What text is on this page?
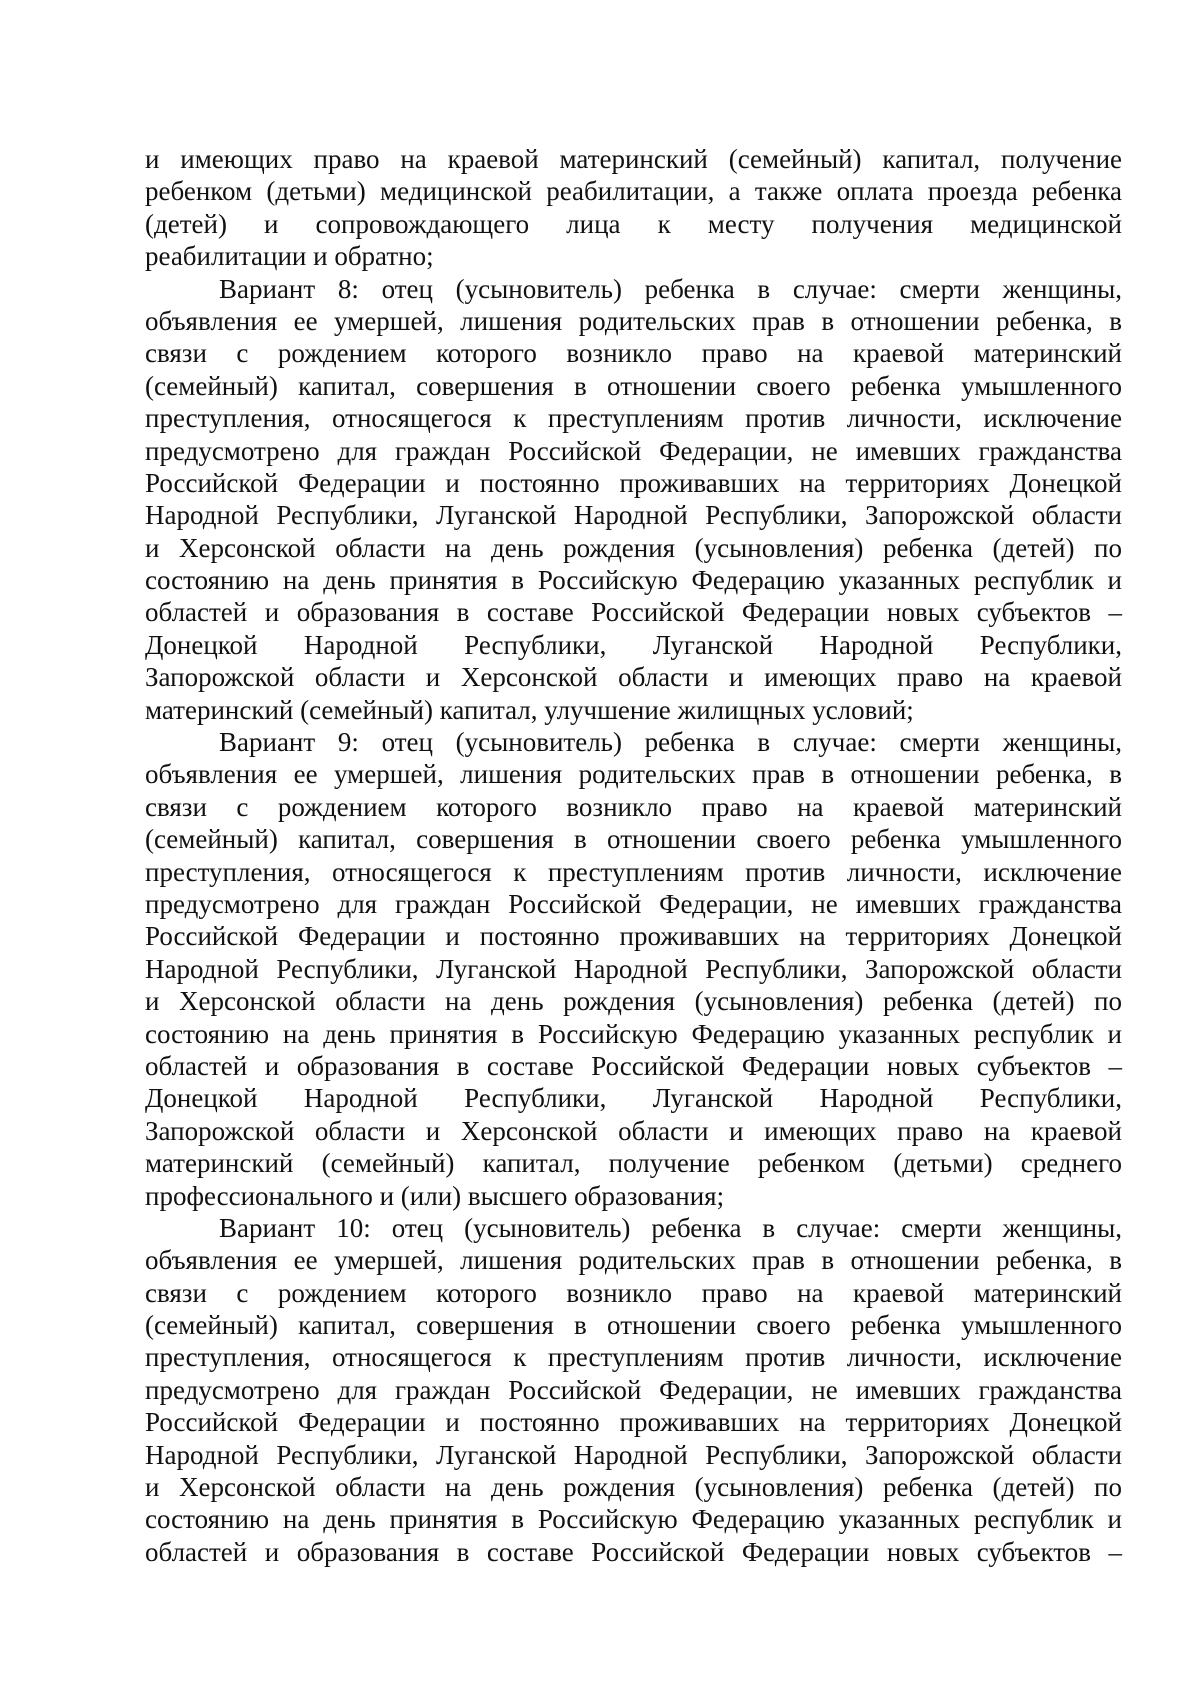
и имеющих право на краевой материнский (семейный) капитал, получение
ребенком (детьми) медицинской реабилитации, а также оплата проезда ребенка
(детей) и сопровождающего лица к месту получения медицинской
реабилитации и обратно;
Вариант 8: отец (усыновитель) ребенка в случае: смерти женщины,
объявления ее умершей, лишения родительских прав в отношении ребенка, в
связи с рождением которого возникло право на краевой материнский
(семейный) капитал, совершения в отношении своего ребенка умышленного
преступления, относящегося к преступлениям против личности, исключение
предусмотрено для граждан Российской Федерации, не имевших гражданства
Российской Федерации и постоянно проживавших на территориях Донецкой
Народной Республики, Луганской Народной Республики, Запорожской области
и Херсонской области на день рождения (усыновления) ребенка (детей) по
состоянию на день принятия в Российскую Федерацию указанных республик и
областей и образования в составе Российской Федерации новых субъектов –
Донецкой Народной Республики, Луганской Народной Республики,
Запорожской области и Херсонской области и имеющих право на краевой
материнский (семейный) капитал, улучшение жилищных условий;
Вариант 9: отец (усыновитель) ребенка в случае: смерти женщины,
объявления ее умершей, лишения родительских прав в отношении ребенка, в
связи с рождением которого возникло право на краевой материнский
(семейный) капитал, совершения в отношении своего ребенка умышленного
преступления, относящегося к преступлениям против личности, исключение
предусмотрено для граждан Российской Федерации, не имевших гражданства
Российской Федерации и постоянно проживавших на территориях Донецкой
Народной Республики, Луганской Народной Республики, Запорожской области
и Херсонской области на день рождения (усыновления) ребенка (детей) по
состоянию на день принятия в Российскую Федерацию указанных республик и
областей и образования в составе Российской Федерации новых субъектов –
Донецкой Народной Республики, Луганской Народной Республики,
Запорожской области и Херсонской области и имеющих право на краевой
материнский (семейный) капитал, получение ребенком (детьми) среднего
профессионального и (или) высшего образования;
Вариант 10: отец (усыновитель) ребенка в случае: смерти женщины,
объявления ее умершей, лишения родительских прав в отношении ребенка, в
связи с рождением которого возникло право на краевой материнский
(семейный) капитал, совершения в отношении своего ребенка умышленного
преступления, относящегося к преступлениям против личности, исключение
предусмотрено для граждан Российской Федерации, не имевших гражданства
Российской Федерации и постоянно проживавших на территориях Донецкой
Народной Республики, Луганской Народной Республики, Запорожской области
и Херсонской области на день рождения (усыновления) ребенка (детей) по
состоянию на день принятия в Российскую Федерацию указанных республик и
областей и образования в составе Российской Федерации новых субъектов –
